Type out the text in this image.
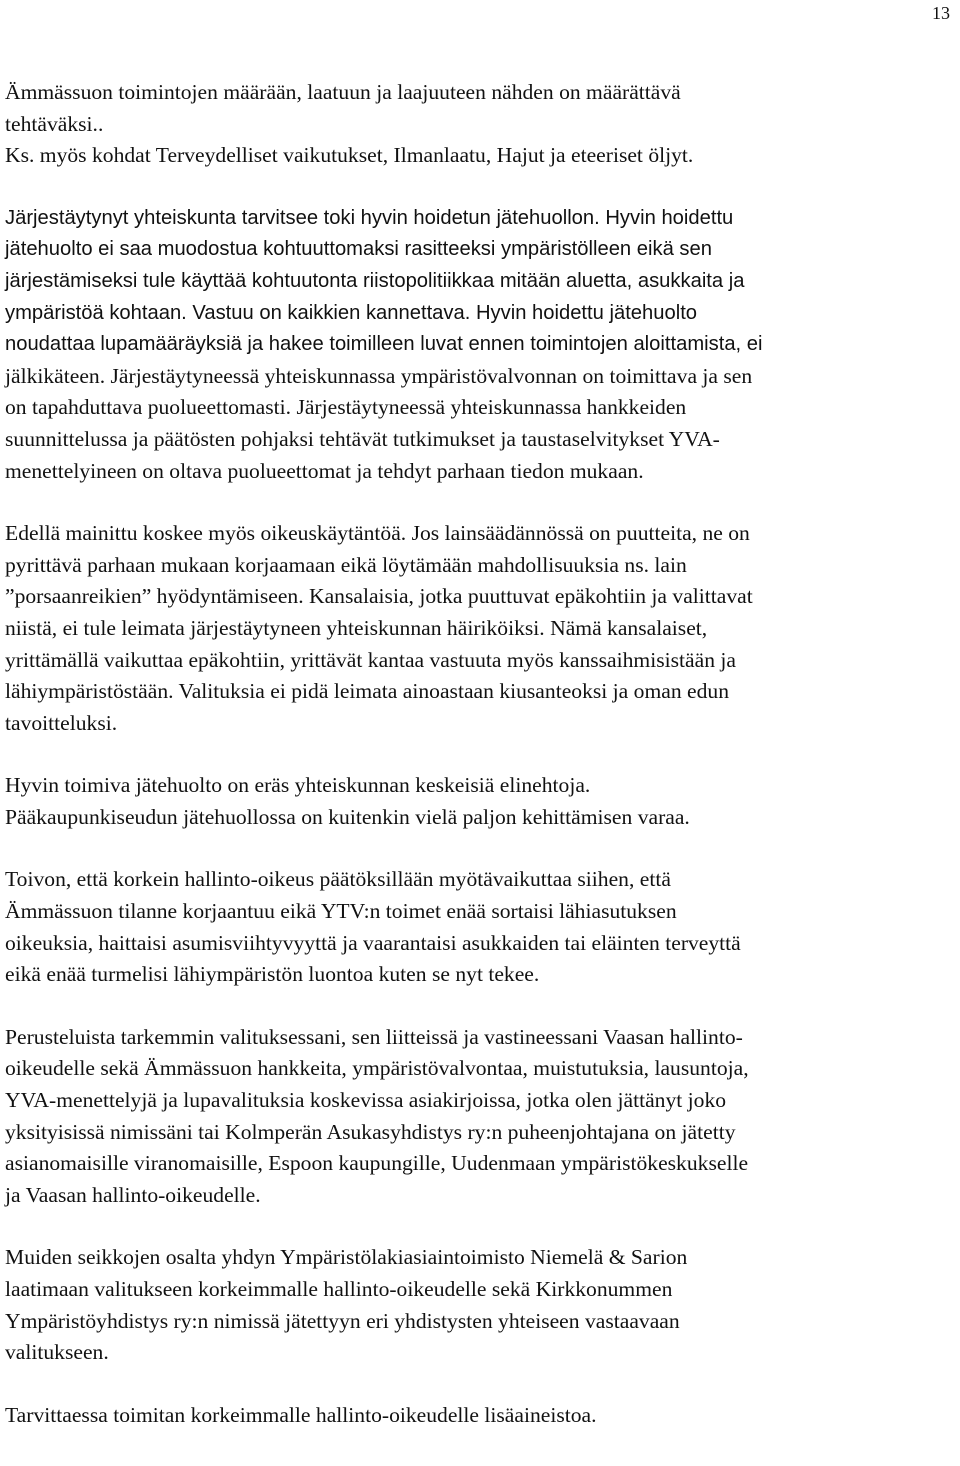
13
Ämmässuon toimintojen määrään, laatuun ja laajuuteen nähden on määrättävä
tehtäväksi..
Ks. myös kohdat Terveydelliset vaikutukset, Ilmanlaatu, Hajut ja eteeriset öljyt.
Järjestäytynyt yhteiskunta tarvitsee toki hyvin hoidetun jätehuollon. Hyvin hoidettu
jätehuolto ei saa muodostua kohtuuttomaksi rasitteeksi ympäristölleen eikä sen
järjestämiseksi tule käyttää kohtuutonta riistopolitiikkaa mitään aluetta, asukkaita ja
ympäristöä kohtaan. Vastuu on kaikkien kannettava. Hyvin hoidettu jätehuolto
noudattaa lupamääräyksiä ja hakee toimilleen luvat ennen toimintojen aloittamista, ei
jälkikäteen. Järjestäytyneessä yhteiskunnassa ympäristövalvonnan on toimittava ja sen
on tapahduttava puolueettomasti. Järjestäytyneessä yhteiskunnassa hankkeiden
suunnittelussa ja päätösten pohjaksi tehtävät tutkimukset ja taustaselvitykset YVA-
menettelyineen on oltava puolueettomat ja tehdyt parhaan tiedon mukaan.
Edellä mainittu koskee myös oikeuskäytäntöä. Jos lainsäädännössä on puutteita, ne on
pyrittävä parhaan mukaan korjaamaan eikä löytämään mahdollisuuksia ns. lain
”porsaanreikien” hyödyntämiseen. Kansalaisia, jotka puuttuvat epäkohtiin ja valittavat
niistä, ei tule leimata järjestäytyneen yhteiskunnan häiriköiksi. Nämä kansalaiset,
yrittämällä vaikuttaa epäkohtiin, yrittävät kantaa vastuuta myös kanssaihmisistään ja
lähiympäristöstään. Valituksia ei pidä leimata ainoastaan kiusanteoksi ja oman edun
tavoitteluksi.
Hyvin toimiva jätehuolto on eräs yhteiskunnan keskeisiä elinehtoja.
Pääkaupunkiseudun jätehuollossa on kuitenkin vielä paljon kehittämisen varaa.
Toivon, että korkein hallinto-oikeus päätöksillään myötävaikuttaa siihen, että
Ämmässuon tilanne korjaantuu eikä YTV:n toimet enää sortaisi lähiasutuksen
oikeuksia, haittaisi asumisviihtyvyyttä ja vaarantaisi asukkaiden tai eläinten terveyttä
eikä enää turmelisi lähiympäristön luontoa kuten se nyt tekee.
Perusteluista tarkemmin valituksessani, sen liitteissä ja vastineessani Vaasan hallinto-
oikeudelle sekä Ämmässuon hankkeita, ympäristövalvontaa, muistutuksia, lausuntoja,
YVA-menettelyjä ja lupavalituksia koskevissa asiakirjoissa, jotka olen jättänyt joko
yksityisissä nimissäni tai Kolmperän Asukasyhdistys ry:n puheenjohtajana on jätetty
asianomaisille viranomaisille, Espoon kaupungille, Uudenmaan ympäristökeskukselle
ja Vaasan hallinto-oikeudelle.
Muiden seikkojen osalta yhdyn Ympäristölakiasiaintoimisto Niemelä & Sarion
laatimaan valitukseen korkeimmalle hallinto-oikeudelle sekä Kirkkonummen
Ympäristöyhdistys ry:n nimissä jätettyyn eri yhdistysten yhteiseen vastaavaan
valitukseen.
Tarvittaessa toimitan korkeimmalle hallinto-oikeudelle lisäaineistoa.
